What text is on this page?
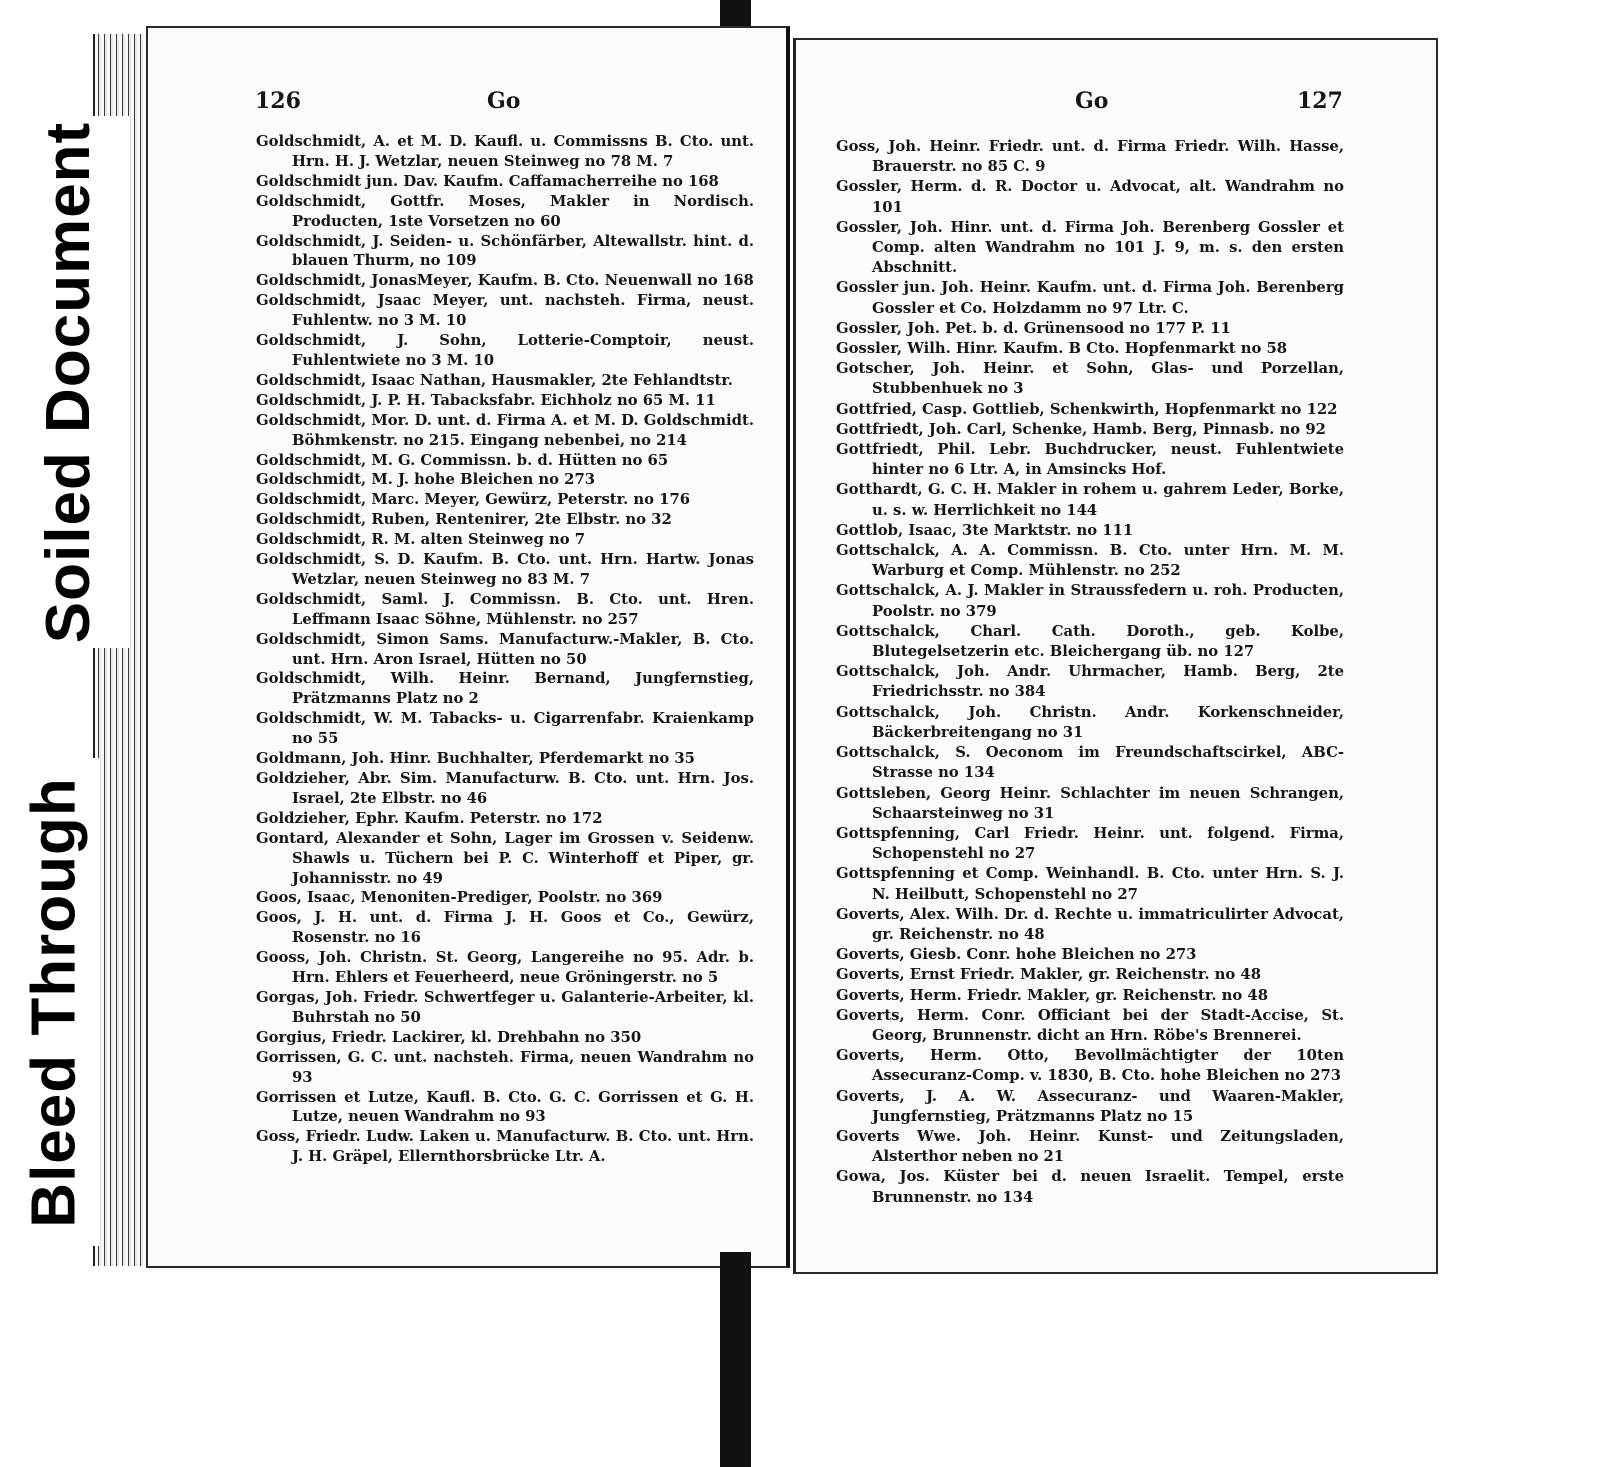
Soiled Document
Bleed Through
126	Go	Go	127
Goldschmidt, A. et M. D. Kaufl. u. Commissns B. Cto. unt. Hrn. H. J. Wetzlar, neuen Steinweg no 78 M. 7
Goldschmidt jun. Dav. Kaufm. Caffamacherreihe no 168
Goldschmidt, Gottfr. Moses, Makler in Nordisch. Producten, 1ste Vorsetzen no 60
Goldschmidt, J. Seiden- u. Schönfärber, Altewallstr. hint. d. blauen Thurm, no 109
Goldschmidt, JonasMeyer, Kaufm. B. Cto. Neuenwall no 168
Goldschmidt, Jsaac Meyer, unt. nachsteh. Firma, neust. Fuhlentw. no 3 M. 10
Goldschmidt, J. Sohn, Lotterie-Comptoir, neust. Fuhlentwiete no 3 M. 10
Goldschmidt, Isaac Nathan, Hausmakler, 2te Fehlandtstr.
Goldschmidt, J. P. H. Tabacksfabr. Eichholz no 65 M. 11
Goldschmidt, Mor. D. unt. d. Firma A. et M. D. Goldschmidt. Böhmkenstr. no 215. Eingang nebenbei, no 214
Goldschmidt, M. G. Commissn. b. d. Hütten no 65
Goldschmidt, M. J. hohe Bleichen no 273
Goldschmidt, Marc. Meyer, Gewürz, Peterstr. no 176
Goldschmidt, Ruben, Rentenirer, 2te Elbstr. no 32
Goldschmidt, R. M. alten Steinweg no 7
Goldschmidt, S. D. Kaufm. B. Cto. unt. Hrn. Hartw. Jonas Wetzlar, neuen Steinweg no 83 M. 7
Goldschmidt, Saml. J. Commissn. B. Cto. unt. Hren. Leffmann Isaac Söhne, Mühlenstr. no 257
Goldschmidt, Simon Sams. Manufacturw.-Makler, B. Cto. unt. Hrn. Aron Israel, Hütten no 50
Goldschmidt, Wilh. Heinr. Bernand, Jungfernstieg, Prätzmanns Platz no 2
Goldschmidt, W. M. Tabacks- u. Cigarrenfabr. Kraienkamp no 55
Goldmann, Joh. Hinr. Buchhalter, Pferdemarkt no 35
Goldzieher, Abr. Sim. Manufacturw. B. Cto. unt. Hrn. Jos. Israel, 2te Elbstr. no 46
Goldzieher, Ephr. Kaufm. Peterstr. no 172
Gontard, Alexander et Sohn, Lager im Grossen v. Seidenw. Shawls u. Tüchern bei P. C. Winterhoff et Piper, gr. Johannisstr. no 49
Goos, Isaac, Menoniten-Prediger, Poolstr. no 369
Goos, J. H. unt. d. Firma J. H. Goos et Co., Gewürz, Rosenstr. no 16
Gooss, Joh. Christn. St. Georg, Langereihe no 95. Adr. b. Hrn. Ehlers et Feuerheerd, neue Gröningerstr. no 5
Gorgas, Joh. Friedr. Schwertfeger u. Galanterie-Arbeiter, kl. Buhrstah no 50
Gorgius, Friedr. Lackirer, kl. Drehbahn no 350
Gorrissen, G. C. unt. nachsteh. Firma, neuen Wandrahm no 93
Gorrissen et Lutze, Kaufl. B. Cto. G. C. Gorrissen et G. H. Lutze, neuen Wandrahm no 93
Goss, Friedr. Ludw. Laken u. Manufacturw. B. Cto. unt. Hrn. J. H. Gräpel, Ellernthorsbrücke Ltr. A.
Goss, Joh. Heinr. Friedr. unt. d. Firma Friedr. Wilh. Hasse, Brauerstr. no 85 C. 9
Gossler, Herm. d. R. Doctor u. Advocat, alt. Wandrahm no 101
Gossler, Joh. Hinr. unt. d. Firma Joh. Berenberg Gossler et Comp. alten Wandrahm no 101 J. 9, m. s. den ersten Abschnitt.
Gossler jun. Joh. Heinr. Kaufm. unt. d. Firma Joh. Berenberg Gossler et Co. Holzdamm no 97 Ltr. C.
Gossler, Joh. Pet. b. d. Grünensood no 177 P. 11
Gossler, Wilh. Hinr. Kaufm. B Cto. Hopfenmarkt no 58
Gotscher, Joh. Heinr. et Sohn, Glas- und Porzellan, Stubbenhuek no 3
Gottfried, Casp. Gottlieb, Schenkwirth, Hopfenmarkt no 122
Gottfriedt, Joh. Carl, Schenke, Hamb. Berg, Pinnasb. no 92
Gottfriedt, Phil. Lebr. Buchdrucker, neust. Fuhlentwiete hinter no 6 Ltr. A, in Amsincks Hof.
Gotthardt, G. C. H. Makler in rohem u. gahrem Leder, Borke, u. s. w. Herrlichkeit no 144
Gottlob, Isaac, 3te Marktstr. no 111
Gottschalck, A. A. Commissn. B. Cto. unter Hrn. M. M. Warburg et Comp. Mühlenstr. no 252
Gottschalck, A. J. Makler in Straussfedern u. roh. Producten, Poolstr. no 379
Gottschalck, Charl. Cath. Doroth., geb. Kolbe, Blutegelsetzerin etc. Bleichergang üb. no 127
Gottschalck, Joh. Andr. Uhrmacher, Hamb. Berg, 2te Friedrichsstr. no 384
Gottschalck, Joh. Christn. Andr. Korkenschneider, Bäckerbreitengang no 31
Gottschalck, S. Oeconom im Freundschaftscirkel, ABC-Strasse no 134
Gottsleben, Georg Heinr. Schlachter im neuen Schrangen, Schaarsteinweg no 31
Gottspfenning, Carl Friedr. Heinr. unt. folgend. Firma, Schopenstehl no 27
Gottspfenning et Comp. Weinhandl. B. Cto. unter Hrn. S. J. N. Heilbutt, Schopenstehl no 27
Goverts, Alex. Wilh. Dr. d. Rechte u. immatriculirter Advocat, gr. Reichenstr. no 48
Goverts, Giesb. Conr. hohe Bleichen no 273
Goverts, Ernst Friedr. Makler, gr. Reichenstr. no 48
Goverts, Herm. Friedr. Makler, gr. Reichenstr. no 48
Goverts, Herm. Conr. Officiant bei der Stadt-Accise, St. Georg, Brunnenstr. dicht an Hrn. Röbe's Brennerei.
Goverts, Herm. Otto, Bevollmächtigter der 10ten Assecuranz-Comp. v. 1830, B. Cto. hohe Bleichen no 273
Goverts, J. A. W. Assecuranz- und Waaren-Makler, Jungfernstieg, Prätzmanns Platz no 15
Goverts Wwe. Joh. Heinr. Kunst- und Zeitungsladen, Alsterthor neben no 21
Gowa, Jos. Küster bei d. neuen Israelit. Tempel, erste Brunnenstr. no 134
